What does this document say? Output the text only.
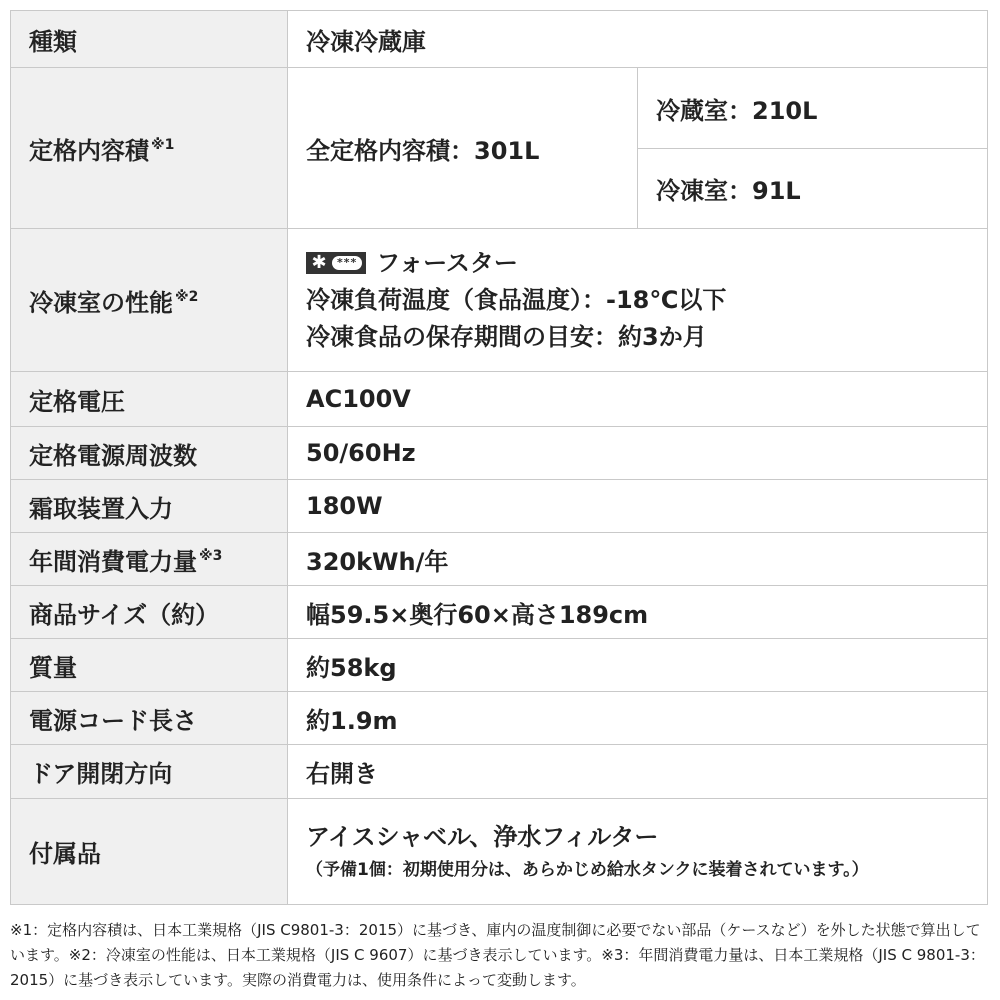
種類	冷凍冷蔵庫	
定格内容積 $^{※1}$	全定格内容積：301L	冷蔵室：210L
		冷凍室：91L
冷凍室の性能 $^{※2}$	✱ *** フォースター
冷凍負荷温度（食品温度）：-18℃以下
冷凍食品の保存期間の目安：約3か月	

定格電圧	AC100V	
定格電源周波数	50/60Hz	
霜取装置入力	180W	
年間消費電力量 $^{※3}$	320kWh/年	
商品サイズ（約）	幅59.5×奥行60×高さ189cm	
質量	約58kg	
電源コード長さ	約1.9m	
ドア開閉方向	右開き	
付属品	アイスシャベル、浄水フィルター
（予備1個：初期使用分は、あらかじめ給水タンクに装着されています。）	
※1：定格内容積は、日本工業規格（JIS C9801-3：2015）に基づき、庫内の温度制御に必要でない部品（ケースなど）を外した状態で算出しています。※2：冷凍室の性能は、日本工業規格（JIS C 9607）に基づき表示しています。※3：年間消費電力量は、日本工業規格（JIS C 9801-3：2015）に基づき表示しています。実際の消費電力は、使用条件によって変動します。
